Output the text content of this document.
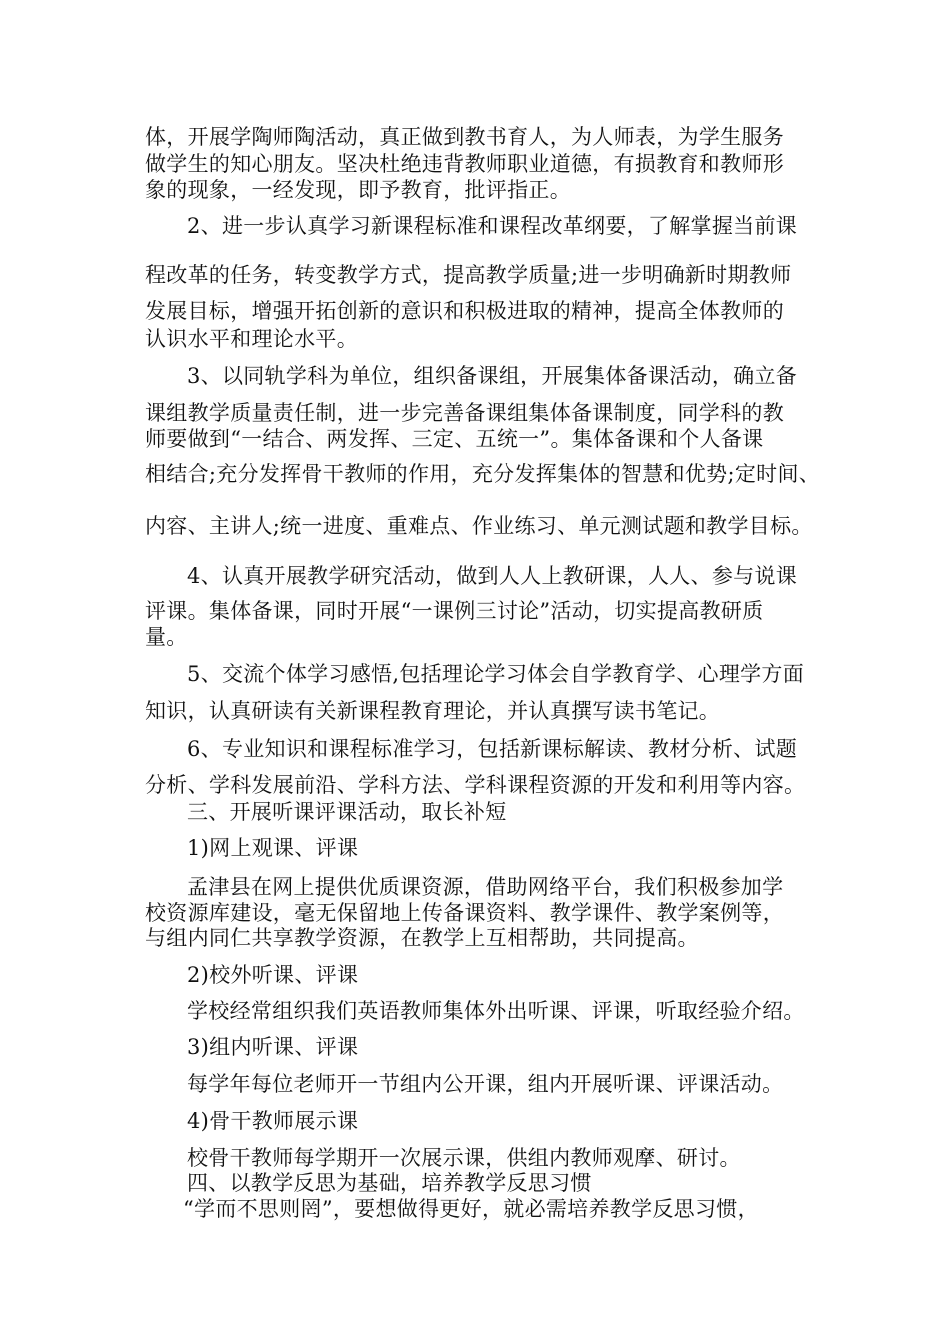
体，开展学陶师陶活动，真正做到教书育人，为人师表，为学生服务
做学生的知心朋友。坚决杜绝违背教师职业道德，有损教育和教师形
象的现象，一经发现，即予教育，批评指正。
2、进一步认真学习新课程标准和课程改革纲要，了解掌握当前课
程改革的任务，转变教学方式，提高教学质量;进一步明确新时期教师
发展目标，增强开拓创新的意识和积极进取的精神，提高全体教师的
认识水平和理论水平。
3、以同轨学科为单位，组织备课组，开展集体备课活动，确立备
课组教学质量责任制，进一步完善备课组集体备课制度，同学科的教
师要做到“一结合、两发挥、三定、五统一”。集体备课和个人备课
相结合;充分发挥骨干教师的作用，充分发挥集体的智慧和优势;定时间、
内容、主讲人;统一进度、重难点、作业练习、单元测试题和教学目标。
4、认真开展教学研究活动，做到人人上教研课，人人、参与说课
评课。集体备课，同时开展“一课例三讨论”活动，切实提高教研质
量。
5、交流个体学习感悟,包括理论学习体会自学教育学、心理学方面
知识，认真研读有关新课程教育理论，并认真撰写读书笔记。
6、专业知识和课程标准学习，包括新课标解读、教材分析、试题
分析、学科发展前沿、学科方法、学科课程资源的开发和利用等内容。
三、开展听课评课活动，取长补短
1)网上观课、评课
孟津县在网上提供优质课资源，借助网络平台，我们积极参加学
校资源库建设，毫无保留地上传备课资料、教学课件、教学案例等，
与组内同仁共享教学资源，在教学上互相帮助，共同提高。
2)校外听课、评课
学校经常组织我们英语教师集体外出听课、评课，听取经验介绍。
3)组内听课、评课
每学年每位老师开一节组内公开课，组内开展听课、评课活动。
4)骨干教师展示课
校骨干教师每学期开一次展示课，供组内教师观摩、研讨。
四、以教学反思为基础，培养教学反思习惯
“学而不思则罔”，要想做得更好，就必需培养教学反思习惯，
